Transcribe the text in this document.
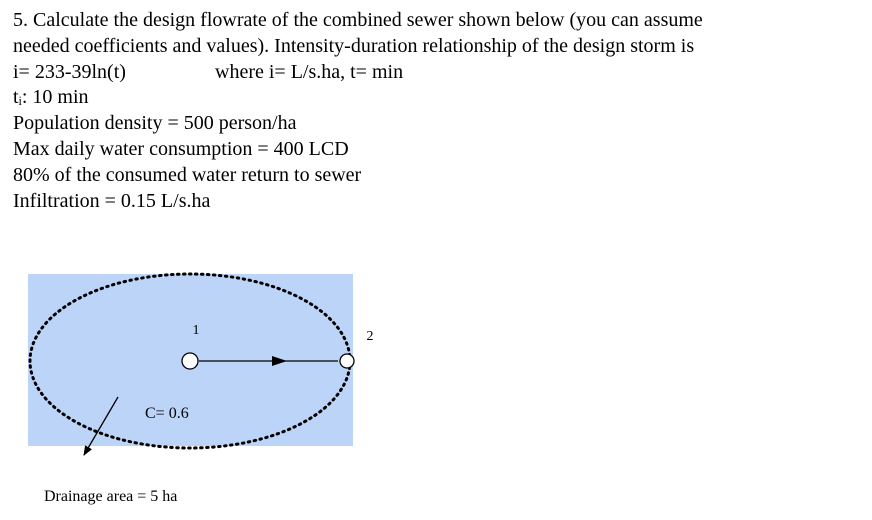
5. Calculate the design flowrate of the combined sewer shown below (you can assume
needed coefficients and values). Intensity-duration relationship of the design storm is
i= 233-39ln(t)	where i= L/s.ha, t= min
tᵢ: 10 min
Population density = 500 person/ha
Max daily water consumption = 400 LCD
80% of the consumed water return to sewer
Infiltration = 0.15 L/s.ha
1	2
C= 0.6
Drainage area = 5 ha
